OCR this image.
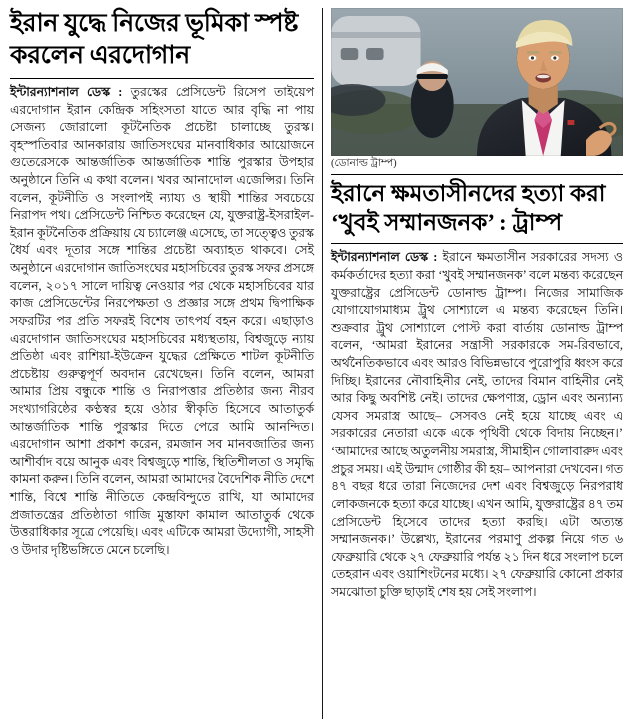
ইরান যুদ্ধে নিজের ভূমিকা স্পষ্ট করলেন এরদোগান

ইন্টারন্যাশনাল ডেস্ক : তুরস্কের প্রেসিডেন্ট রিসেপ তাইয়েপ এরদোগান ইরান কেন্দ্রিক সহিংসতা যাতে আর বৃদ্ধি না পায় সেজন্য জোরালো কূটনৈতিক প্রচেষ্টা চালাচ্ছে তুরস্ক। বৃহস্পতিবার আনকারায় জাতিসংঘের মানবাধিকার আয়োজনে গুতেরেসকে আন্তর্জাতিক আন্তর্জাতিক শান্তি পুরস্কার উপহার অনুষ্ঠানে তিনি এ কথা বলেন। খবর আনাদোল এজেন্সির। তিনি বলেন, কূটনীতি ও সংলাপই ন্যায্য ও স্থায়ী শান্তির সবচেয়ে নিরাপদ পথ। প্রেসিডেন্ট নিশ্চিত করেছেন যে, যুক্তরাষ্ট্র-ইসরাইল-ইরান কূটনৈতিক প্রক্রিয়ায় যে চ্যালেঞ্জ এসেছে, তা সত্ত্বেও তুরস্ক ধৈর্য এবং দূতার সঙ্গে শান্তির প্রচেষ্টা অব্যাহত থাকবে। সেই অনুষ্ঠানে এরদোগান জাতিসংঘের মহাসচিবের তুরস্ক সফর প্রসঙ্গে বলেন, ২০১৭ সালে দায়িত্ব নেওয়ার পর থেকে মহাসচিবের যার কাজ প্রেসিডেন্টের নিরপেক্ষতা ও প্রজ্ঞার সঙ্গে প্রথম দ্বিপাক্ষিক সফরটির পর প্রতি সফরই বিশেষ তাৎপর্য বহন করে। এছাড়াও এরদোগান জাতিসংঘের মহাসচিবের মধ্যস্থতায়, বিশ্বজুড়ে ন্যায় প্রতিষ্ঠা এবং রাশিয়া-ইউক্রেন যুদ্ধের প্রেক্ষিতে শাটল কূটনীতি প্রচেষ্টায় গুরুত্বপূর্ণ অবদান রেখেছেন। তিনি বলেন, আমরা আমার প্রিয় বন্ধুকে শান্তি ও নিরাপত্তার প্রতিষ্ঠার জন্য নীরব সংখ্যাগরিষ্ঠের কণ্ঠস্বর হয়ে ওঠার স্বীকৃতি হিসেবে আতাতুর্ক আন্তর্জাতিক শান্তি পুরস্কার দিতে পেরে আমি আনন্দিত। এরদোগান আশা প্রকাশ করেন, রমজান সব মানবজাতির জন্য আশীর্বাদ বয়ে আনুক এবং বিশ্বজুড়ে শান্তি, স্থিতিশীলতা ও সমৃদ্ধি কামনা করুন। তিনি বলেন, আমরা আমাদের বৈদেশিক নীতি দেশে শান্তি, বিশ্বে শান্তি নীতিতে কেন্দ্রবিন্দুতে রাখি, যা আমাদের প্রজাতন্ত্রের প্রতিষ্ঠাতা গাজি মুস্তাফা কামাল আতাতুর্ক থেকে উত্তরাধিকার সূত্রে পেয়েছি। এবং এটিকে আমরা উদ্যোগী, সাহসী ও উদার দৃষ্টিভঙ্গিতে মেনে চলেছি।

(ডোনাল্ড ট্রাম্প)
ইরানে ক্ষমতাসীনদের হত্যা করা ‘খুবই সম্মানজনক’ : ট্রাম্প

ইন্টারন্যাশনাল ডেস্ক : ইরানে ক্ষমতাসীন সরকারের সদস্য ও কর্মকর্তাদের হত্যা করা ‘খুবই সম্মানজনক’ বলে মন্তব্য করেছেন যুক্তরাষ্ট্রের প্রেসিডেন্ট ডোনাল্ড ট্রাম্প। নিজের সামাজিক যোগাযোগমাধ্যম ট্রুথ সোশ্যালে এ মন্তব্য করেছেন তিনি। শুক্রবার ট্রুথ সোশ্যালে পোস্ট করা বার্তায় ডোনাল্ড ট্রাম্প বলেন, ‘আমরা ইরানের সন্ত্রাসী সরকারকে সম-রিবভাবে, অর্থনৈতিকভাবে এবং আরও বিভিন্নভাবে পুরোপুরি ধ্বংস করে দিচ্ছি। ইরানের নৌবাহিনীর নেই, তাদের বিমান বাহিনীর নেই আর কিছু অবশিষ্ট নেই। তাদের ক্ষেপণাস্ত্র, ড্রোন এবং অন্যান্য যেসব সমরাস্ত্র আছে– সেসবও নেই হয়ে যাচ্ছে এবং এ সরকারের নেতারা একে একে পৃথিবী থেকে বিদায় নিচ্ছেন।’ ‘আমাদের আছে অতুলনীয় সমরাস্ত্র, সীমাহীন গোলাবারুদ এবং প্রচুর সময়। এই উন্মাদ গোষ্ঠীর কী হয়– আপনারা দেখবেন। গত ৪৭ বছর ধরে তারা নিজেদের দেশ এবং বিশ্বজুড়ে নিরপরাধ লোকজনকে হত্যা করে যাচ্ছে। এখন আমি, যুক্তরাষ্ট্রের ৪৭ তম প্রেসিডেন্ট হিসেবে তাদের হত্যা করছি। এটা অত্যন্ত সম্মানজনক।’ উল্লেখ্য, ইরানের পরমাণু প্রকল্প নিয়ে গত ৬ ফেব্রুয়ারি থেকে ২৭ ফেব্রুয়ারি পর্যন্ত ২১ দিন ধরে সংলাপ চলে তেহরান এবং ওয়াশিংটনের মধ্যে। ২৭ ফেব্রুয়ারি কোনো প্রকার সমঝোতা চুক্তি ছাড়াই শেষ হয় সেই সংলাপ।
